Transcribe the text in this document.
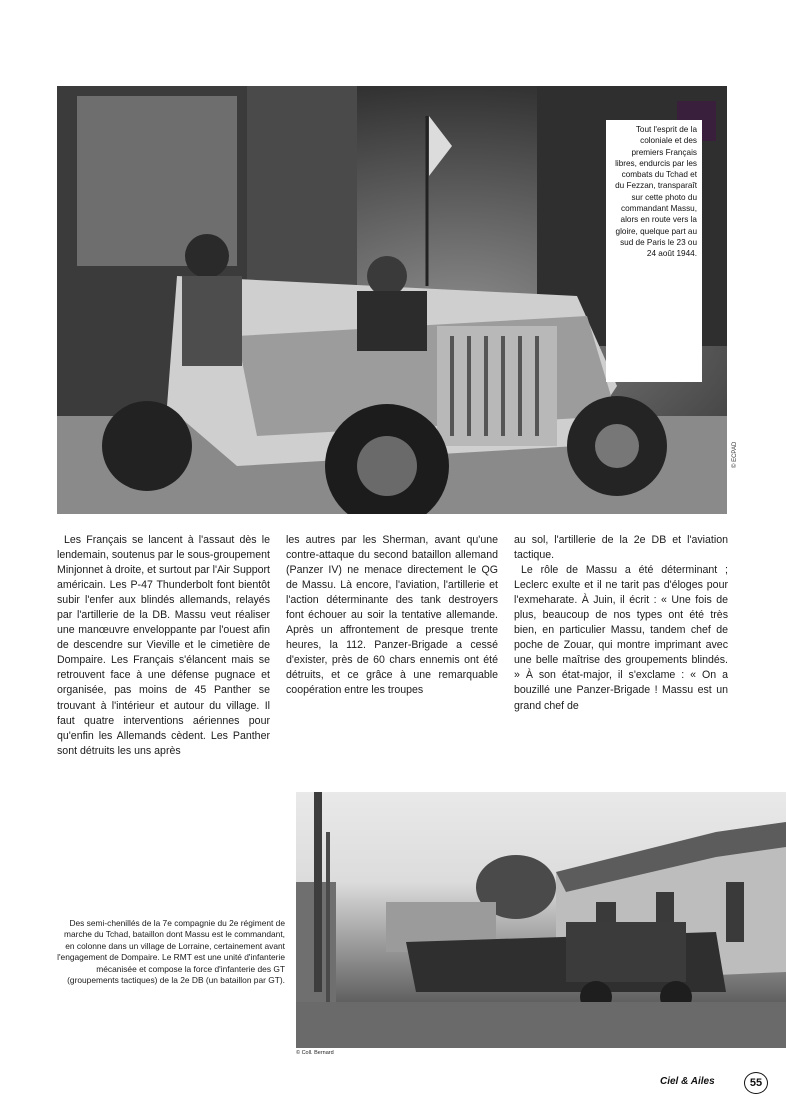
Tout l'esprit de la coloniale et des premiers Français libres, endurcis par les combats du Tchad et du Fezzan, transparaît sur cette photo du commandant Massu, alors en route vers la gloire, quelque part au sud de Paris le 23 ou 24 août 1944.
© ECPAD

Les Français se lancent à l'assaut dès le lendemain, soutenus par le sous-groupement Minjonnet à droite, et surtout par l'Air Support américain. Les P-47 Thunderbolt font bientôt subir l'enfer aux blindés allemands, relayés par l'artillerie de la DB. Massu veut réaliser une manœuvre enveloppante par l'ouest afin de descendre sur Vieville et le cimetière de Dompaire. Les Français s'élancent mais se retrouvent face à une défense pugnace et organisée, pas moins de 45 Panther se trouvant à l'intérieur et autour du village. Il faut quatre interventions aériennes pour qu'enfin les Allemands cèdent. Les Panther sont détruits les uns après

les autres par les Sherman, avant qu'une contre-attaque du second bataillon allemand (Panzer IV) ne menace directement le QG de Massu. Là encore, l'aviation, l'artillerie et l'action déterminante des tank destroyers font échouer au soir la tentative allemande. Après un affrontement de presque trente heures, la 112. Panzer-Brigade a cessé d'exister, près de 60 chars ennemis ont été détruits, et ce grâce à une remarquable coopération entre les troupes

au sol, l'artillerie de la 2e DB et l'aviation tactique.

Le rôle de Massu a été déterminant ; Leclerc exulte et il ne tarit pas d'éloges pour l'exmeharate. À Juin, il écrit : « Une fois de plus, beaucoup de nos types ont été très bien, en particulier Massu, tandem chef de poche de Zouar, qui montre imprimant avec une belle maîtrise des groupements blindés. » À son état-major, il s'exclame : « On a bouzillé une Panzer-Brigade ! Massu est un grand chef de

Des semi-chenillés de la 7e compagnie du 2e régiment de marche du Tchad, bataillon dont Massu est le commandant, en colonne dans un village de Lorraine, certainement avant l'engagement de Dompaire. Le RMT est une unité d'infanterie mécanisée et compose la force d'infanterie des GT (groupements tactiques) de la 2e DB (un bataillon par GT).
© Coll. Bernard
Ciel & Ailes	55
